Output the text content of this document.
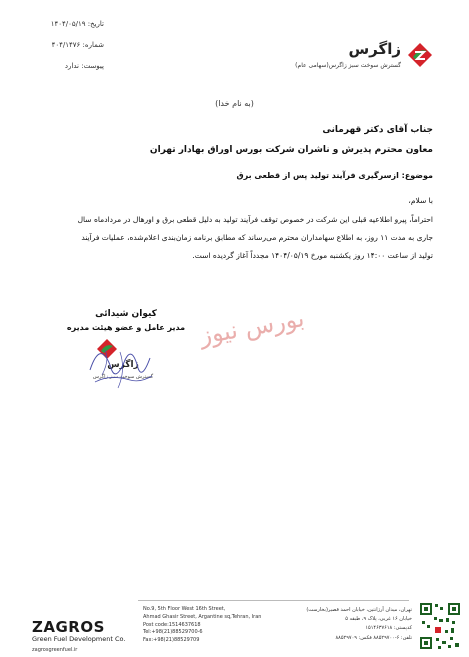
تاریخ: ۱۴۰۴/۰۵/۱۹
شماره: ۴۰۴/۱۴۷۶
پیوست: ندارد
زاگرس
گسترش سوخت سبز زاگرس(سهامی عام)
(به نام خدا)
جناب آقای دکتر قهرمانی
معاون محترم پذیرش و ناشران شرکت بورس اوراق بهادار تهران
موضوع: ازسرگیری فرآیند تولید پس از قطعی برق
با سلام،
احتراماً، پیرو اطلاعیه قبلی این شرکت در خصوص توقف فرآیند تولید به دلیل قطعی برق و اورهال در مردادماه سال
جاری به مدت ۱۱ روز، به اطلاع سهامداران محترم می‌رساند که مطابق برنامه زمان‌بندی اعلام‌شده، عملیات فرآیند
تولید از ساعت ۱۴:۰۰ روز یکشنبه مورخ ۱۴۰۴/۰۵/۱۹ مجدداً آغاز گردیده است.
کیوان شیدائی
مدیر عامل و عضو هیئت مدیره
زاگرس
گسترش سوخت سبز زاگرس
بورس نیوز
ZAGROS
Green Fuel Development Co.
zagrosgreenfuel.ir
No.9, 5th Floor West 16th Street,
Ahmad Ghasir Street, Argantine sq,Tehran, Iran
Post code:1514637618
Tel:+98(21)88529700-6
Fax:+98(21)88529709
تهران، میدان آرژانتین، خیابان احمد قصیر(بخارست)
خیابان ۱۶ غربی، پلاک ۹، طبقه ۵
کدپستی: ۱۵۱۴۶۳۷۶۱۸
تلفن: ۶-۸۸۵۲۹۷۰۰ فکس: ۸۸۵۲۹۷۰۹
